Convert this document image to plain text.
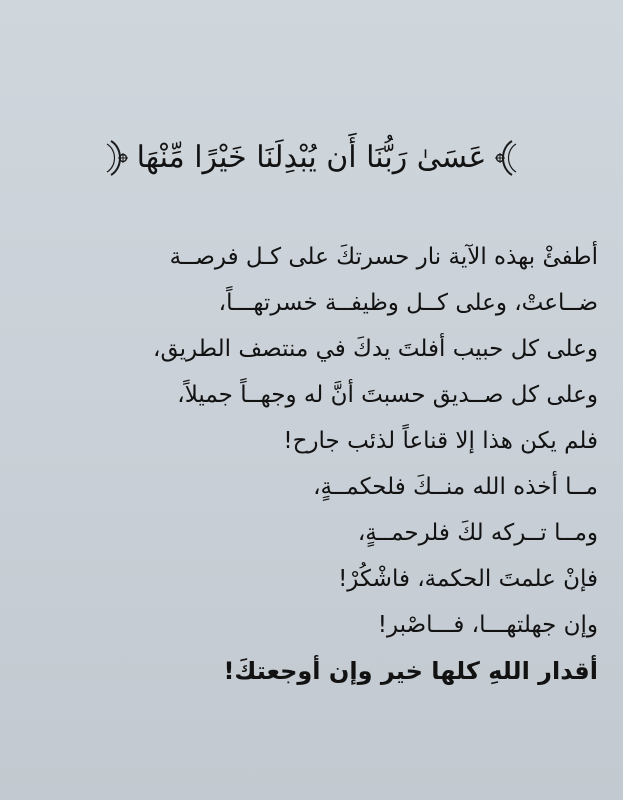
عَسَىٰ رَبُّنَا أَن يُبْدِلَنَا خَيْرًا مِّنْهَا
أطفئْ بهذه الآية نار حسرتكَ على كـل فرصــة
ضــاعتْ، وعلى كــل وظيفــة خسرتهـــاً،
وعلى كل حبيب أفلتَ يدكَ في منتصف الطريق،
وعلى كل صــديق حسبتَ أنَّ له وجهــاً جميلاً،
فلم يكن هذا إلا قناعاً لذئب جارح!
مــا أخذه الله منــكَ فلحكمــةٍ،
ومــا تــركه لكَ فلرحمــةٍ،
فإنْ علمتَ الحكمة، فاشْكُرْ!
وإن جهلتهـــا، فـــاصْبر!
أقدار اللهِ كلها خير وإن أوجعتكَ!
